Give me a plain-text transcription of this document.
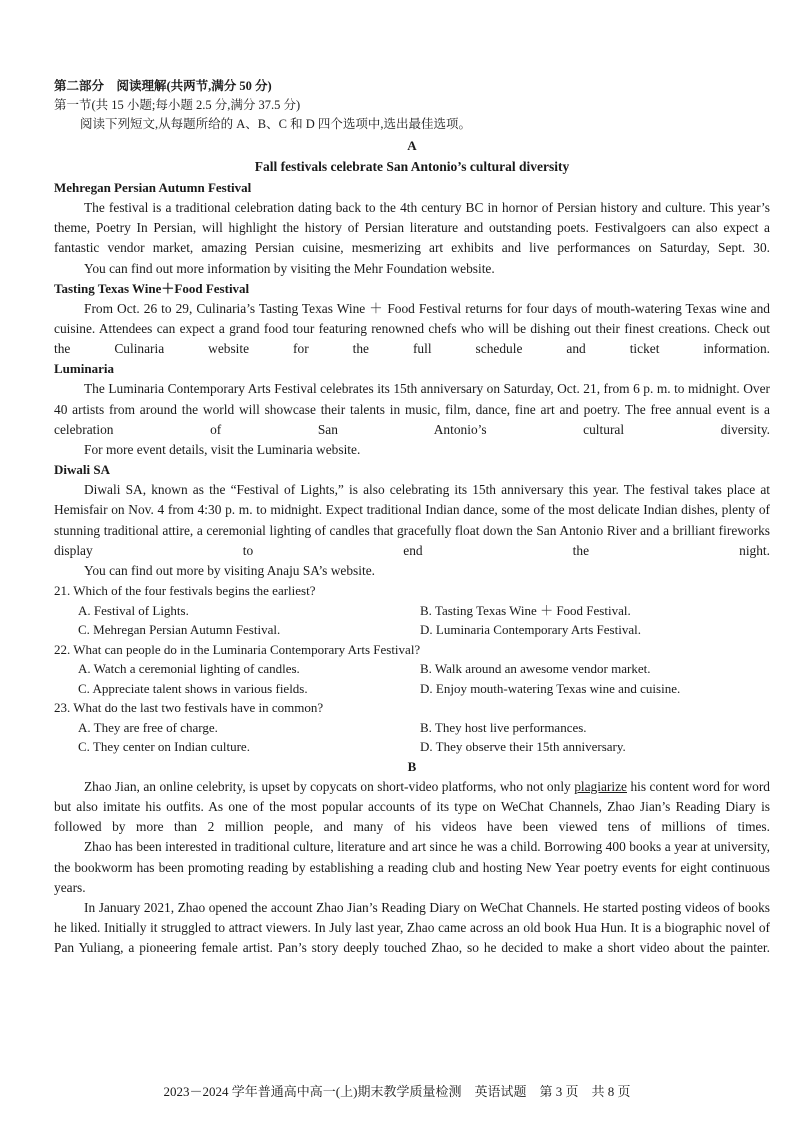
第二部分　阅读理解(共两节,满分 50 分)
第一节(共 15 小题;每小题 2.5 分,满分 37.5 分)
阅读下列短文,从每题所给的 A、B、C 和 D 四个选项中,选出最佳选项。
A
Fall festivals celebrate San Antonio’s cultural diversity
Mehregan Persian Autumn Festival
The festival is a traditional celebration dating back to the 4th century BC in hornor of Persian history and culture. This year’s theme, Poetry In Persian, will highlight the history of Persian literature and outstanding poets. Festivalgoers can also expect a fantastic vendor market, amazing Persian cuisine, mesmerizing art exhibits and live performances on Saturday, Sept. 30.
You can find out more information by visiting the Mehr Foundation website.
Tasting Texas Wine＋Food Festival
From Oct. 26 to 29, Culinaria’s Tasting Texas Wine ＋ Food Festival returns for four days of mouth-watering Texas wine and cuisine. Attendees can expect a grand food tour featuring renowned chefs who will be dishing out their finest creations. Check out the Culinaria website for the full schedule and ticket information.
Luminaria
The Luminaria Contemporary Arts Festival celebrates its 15th anniversary on Saturday, Oct. 21, from 6 p. m. to midnight. Over 40 artists from around the world will showcase their talents in music, film, dance, fine art and poetry. The free annual event is a celebration of San Antonio’s cultural diversity.
For more event details, visit the Luminaria website.
Diwali SA
Diwali SA, known as the “Festival of Lights,” is also celebrating its 15th anniversary this year. The festival takes place at Hemisfair on Nov. 4 from 4:30 p. m. to midnight. Expect traditional Indian dance, some of the most delicate Indian dishes, plenty of stunning traditional attire, a ceremonial lighting of candles that gracefully float down the San Antonio River and a brilliant fireworks display to end the night.
You can find out more by visiting Anaju SA’s website.
21. Which of the four festivals begins the earliest?
A. Festival of Lights.	B. Tasting Texas Wine ＋ Food Festival.
C. Mehregan Persian Autumn Festival.	D. Luminaria Contemporary Arts Festival.
22. What can people do in the Luminaria Contemporary Arts Festival?
A. Watch a ceremonial lighting of candles.	B. Walk around an awesome vendor market.
C. Appreciate talent shows in various fields.	D. Enjoy mouth-watering Texas wine and cuisine.
23. What do the last two festivals have in common?
A. They are free of charge.	B. They host live performances.
C. They center on Indian culture.	D. They observe their 15th anniversary.
B
Zhao Jian, an online celebrity, is upset by copycats on short-video platforms, who not only plagiarize his content word for word but also imitate his outfits. As one of the most popular accounts of its type on WeChat Channels, Zhao Jian’s Reading Diary is followed by more than 2 million people, and many of his videos have been viewed tens of millions of times.
Zhao has been interested in traditional culture, literature and art since he was a child. Borrowing 400 books a year at university, the bookworm has been promoting reading by establishing a reading club and hosting New Year poetry events for eight continuous years.
In January 2021, Zhao opened the account Zhao Jian’s Reading Diary on WeChat Channels. He started posting videos of books he liked. Initially it struggled to attract viewers. In July last year, Zhao came across an old book Hua Hun. It is a biographic novel of Pan Yuliang, a pioneering female artist. Pan’s story deeply touched Zhao, so he decided to make a short video about the painter.
2023－2024 学年普通高中高一(上)期末教学质量检测　英语试题　第 3 页　共 8 页
